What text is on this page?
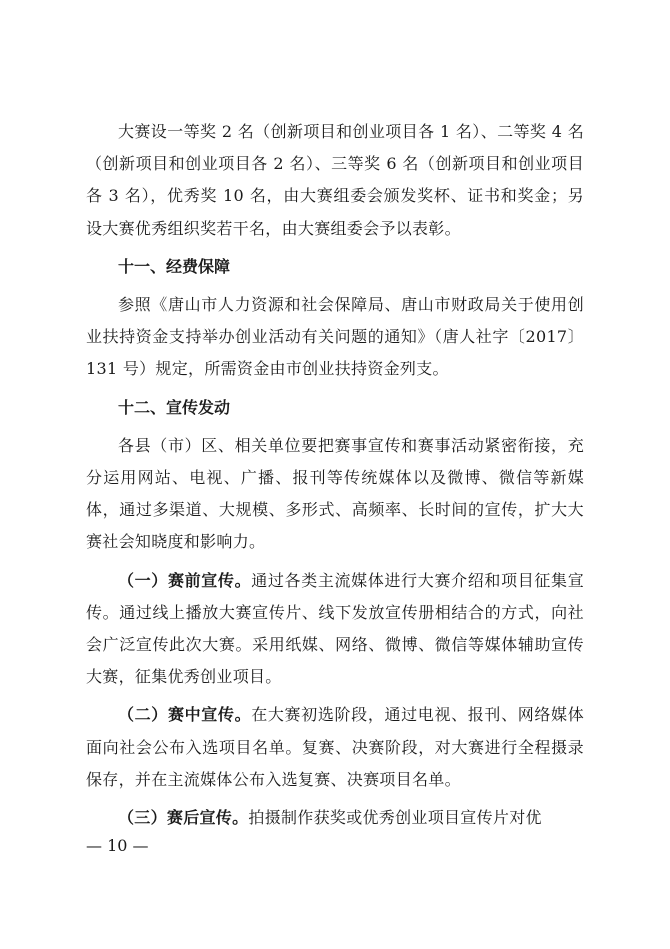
大赛设一等奖 2 名（创新项目和创业项目各 1 名）、二等奖 4 名（创新项目和创业项目各 2 名）、三等奖 6 名（创新项目和创业项目各 3 名），优秀奖 10 名，由大赛组委会颁发奖杯、证书和奖金；另设大赛优秀组织奖若干名，由大赛组委会予以表彰。

十一、经费保障

参照《唐山市人力资源和社会保障局、唐山市财政局关于使用创业扶持资金支持举办创业活动有关问题的通知》（唐人社字〔2017〕131 号）规定，所需资金由市创业扶持资金列支。

十二、宣传发动

各县（市）区、相关单位要把赛事宣传和赛事活动紧密衔接，充分运用网站、电视、广播、报刊等传统媒体以及微博、微信等新媒体，通过多渠道、大规模、多形式、高频率、长时间的宣传，扩大大赛社会知晓度和影响力。

（一）赛前宣传。通过各类主流媒体进行大赛介绍和项目征集宣传。通过线上播放大赛宣传片、线下发放宣传册相结合的方式，向社会广泛宣传此次大赛。采用纸媒、网络、微博、微信等媒体辅助宣传大赛，征集优秀创业项目。

（二）赛中宣传。在大赛初选阶段，通过电视、报刊、网络媒体面向社会公布入选项目名单。复赛、决赛阶段，对大赛进行全程摄录保存，并在主流媒体公布入选复赛、决赛项目名单。

（三）赛后宣传。拍摄制作获奖或优秀创业项目宣传片对优

— 10 —
